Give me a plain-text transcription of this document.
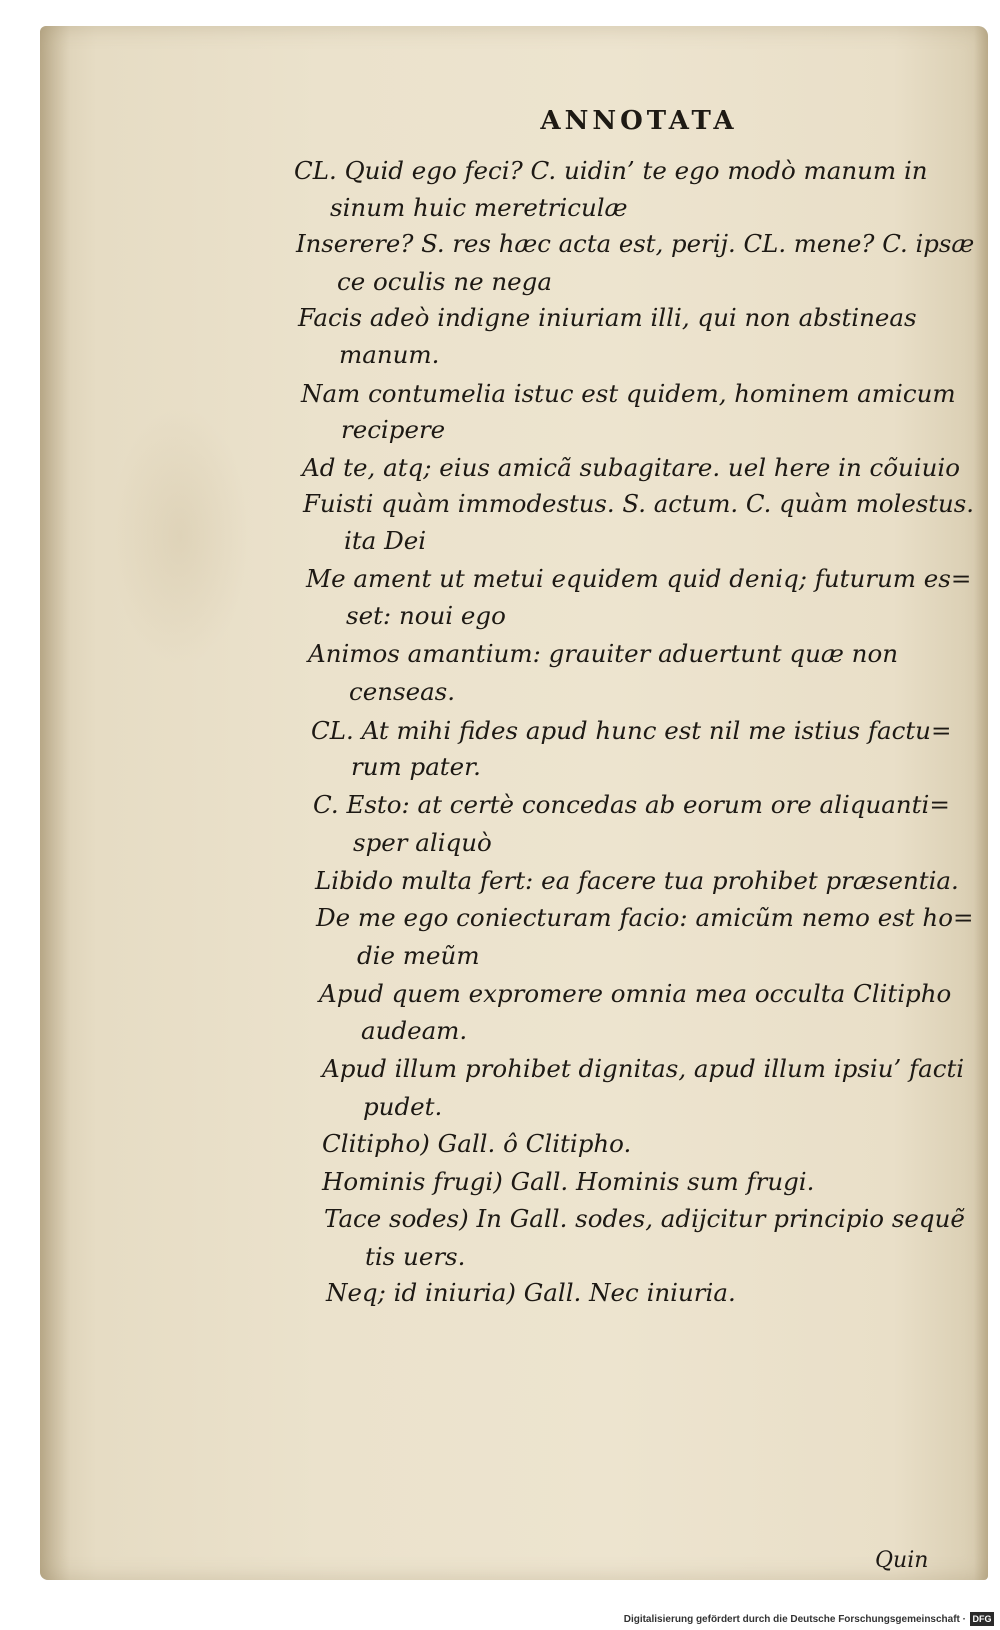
ANNOTATA
CL. Quid ego feci? C. uidin’ te ego modò manum in
sinum huic meretriculæ
Inserere? S. res hæc acta est, perij. CL. mene? C. ipsæ
ce oculis ne nega
Facis adeò indigne iniuriam illi, qui non abstineas
manum.
Nam contumelia istuc est quidem, hominem amicum
recipere
Ad te, atq; eius amicã subagitare. uel here in cõuiuio
Fuisti quàm immodestus. S. actum. C. quàm molestus.
ita Dei
Me ament ut metui equidem quid deniq; futurum es=
set: noui ego
Animos amantium: grauiter aduertunt quæ non
censeas.
CL. At mihi fides apud hunc est nil me istius factu=
rum pater.
C. Esto: at certè concedas ab eorum ore aliquanti=
sper aliquò
Libido multa fert: ea facere tua prohibet præsentia.
De me ego coniecturam facio: amicũm nemo est ho=
die meũm
Apud quem expromere omnia mea occulta Clitipho
audeam.
Apud illum prohibet dignitas, apud illum ipsiu’ facti
pudet.
Clitipho) Gall. ô Clitipho.
Hominis frugi) Gall. Hominis sum frugi.
Tace sodes) In Gall. sodes, adijcitur principio sequẽ
tis uers.
Neq; id iniuria) Gall. Nec iniuria.
Quin
Digitalisierung gefördert durch die Deutsche Forschungsgemeinschaft · DFG
